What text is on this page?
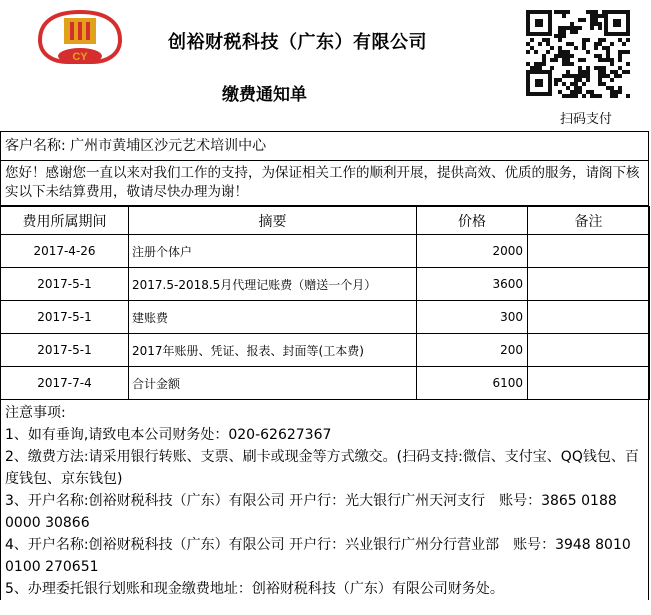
CY
创裕财税科技（广东）有限公司
缴费通知单
扫码支付
客户名称: 广州市黄埔区沙元艺术培训中心
您好！感谢您一直以来对我们工作的支持，为保证相关工作的顺利开展，提供高效、优质的服务，请阁下核实以下未结算费用，敬请尽快办理为谢！
费用所属期间	摘要	价格	备注
2017-4-26	注册个体户	2000	
2017-5-1	2017.5-2018.5月代理记账费（赠送一个月）	3600	
2017-5-1	建账费	300	
2017-5-1	2017年账册、凭证、报表、封面等(工本费)	200	
2017-7-4	合计金额	6100	

注意事项:

1、如有垂询,请致电本公司财务处：020-62627367

2、缴费方法:请采用银行转账、支票、刷卡或现金等方式缴交。(扫码支持:微信、支付宝、QQ钱包、百度钱包、京东钱包)

3、开户名称:创裕财税科技（广东）有限公司 开户行：光大银行广州天河支行　账号：3865 0188 0000 30866

4、开户名称:创裕财税科技（广东）有限公司 开户行：兴业银行广州分行营业部　账号：3948 8010 0100 270651

5、办理委托银行划账和现金缴费地址：创裕财税科技（广东）有限公司财务处。
